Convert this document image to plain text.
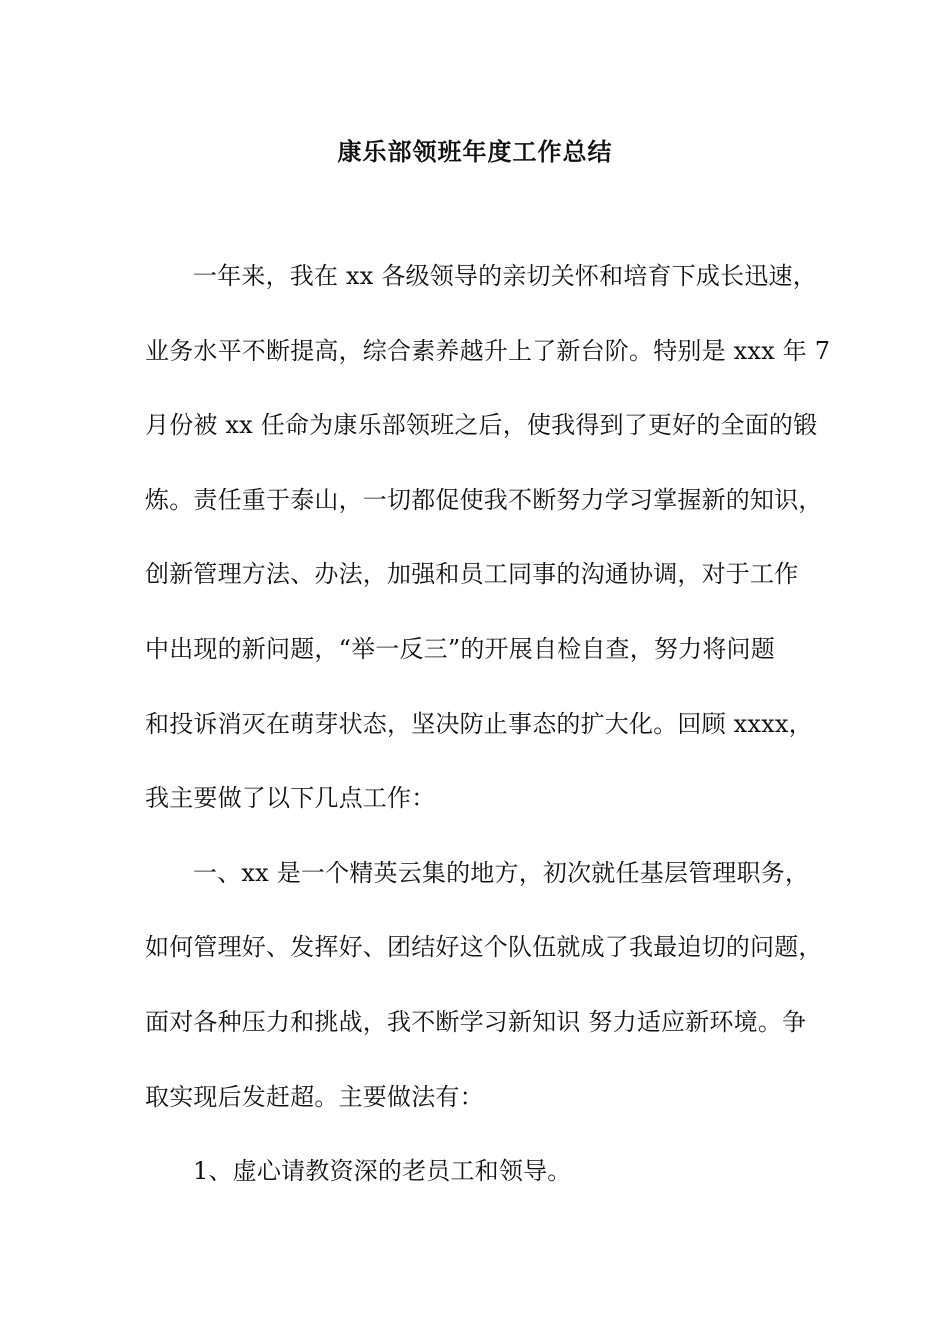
康乐部领班年度工作总结
一年来，我在 xx 各级领导的亲切关怀和培育下成长迅速，
业务水平不断提高，综合素养越升上了新台阶。特别是 xxx 年 7
月份被 xx 任命为康乐部领班之后，使我得到了更好的全面的锻
炼。责任重于泰山，一切都促使我不断努力学习掌握新的知识，
创新管理方法、办法，加强和员工同事的沟通协调，对于工作
中出现的新问题，“举一反三”的开展自检自查，努力将问题
和投诉消灭在萌芽状态，坚决防止事态的扩大化。回顾 xxxx，
我主要做了以下几点工作：
一、xx 是一个精英云集的地方，初次就任基层管理职务，
如何管理好、发挥好、团结好这个队伍就成了我最迫切的问题，
面对各种压力和挑战，我不断学习新知识 努力适应新环境。争
取实现后发赶超。主要做法有：
1、虚心请教资深的老员工和领导。
